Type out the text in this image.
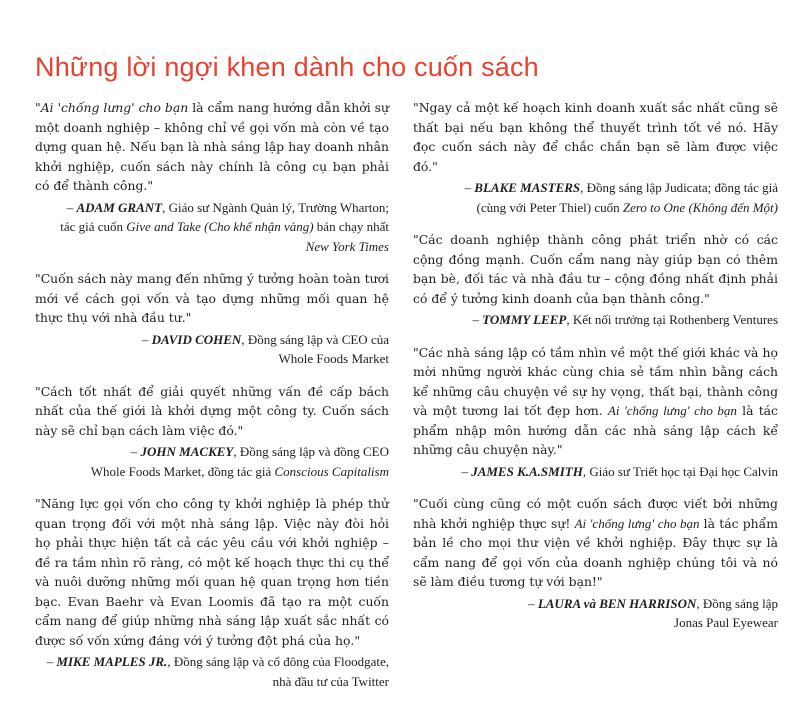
Những lời ngợi khen dành cho cuốn sách

"Ai 'chống lưng' cho bạn là cẩm nang hướng dẫn khởi sự một doanh nghiệp – không chỉ về gọi vốn mà còn về tạo dựng quan hệ. Nếu bạn là nhà sáng lập hay doanh nhân khởi nghiệp, cuốn sách này chính là công cụ bạn phải có để thành công."

– ADAM GRANT, Giáo sư Ngành Quản lý, Trường Wharton;
tác giả cuốn Give and Take (Cho khế nhận vàng) bán chạy nhất
New York Times

"Cuốn sách này mang đến những ý tưởng hoàn toàn tươi mới về cách gọi vốn và tạo dựng những mối quan hệ thực thụ với nhà đầu tư."

– DAVID COHEN, Đồng sáng lập và CEO của
Whole Foods Market

"Cách tốt nhất để giải quyết những vấn đề cấp bách nhất của thế giới là khởi dựng một công ty. Cuốn sách này sẽ chỉ bạn cách làm việc đó."

– JOHN MACKEY, Đồng sáng lập và đồng CEO
Whole Foods Market, đồng tác giả Conscious Capitalism

"Năng lực gọi vốn cho công ty khởi nghiệp là phép thử quan trọng đối với một nhà sáng lập. Việc này đòi hỏi họ phải thực hiện tất cả các yêu cầu với khởi nghiệp – đề ra tầm nhìn rõ ràng, có một kế hoạch thực thi cụ thể và nuôi dưỡng những mối quan hệ quan trọng hơn tiền bạc. Evan Baehr và Evan Loomis đã tạo ra một cuốn cẩm nang để giúp những nhà sáng lập xuất sắc nhất có được số vốn xứng đáng với ý tưởng đột phá của họ."

– MIKE MAPLES JR., Đồng sáng lập và cổ đông của Floodgate,
nhà đầu tư của Twitter

"Ngay cả một kế hoạch kinh doanh xuất sắc nhất cũng sẽ thất bại nếu bạn không thể thuyết trình tốt về nó. Hãy đọc cuốn sách này để chắc chắn bạn sẽ làm được việc đó."

– BLAKE MASTERS, Đồng sáng lập Judicata; đồng tác giả
(cùng với Peter Thiel) cuốn Zero to One (Không đến Một)

"Các doanh nghiệp thành công phát triển nhờ có các cộng đồng mạnh. Cuốn cẩm nang này giúp bạn có thêm bạn bè, đối tác và nhà đầu tư – cộng đồng nhất định phải có để ý tưởng kinh doanh của bạn thành công."

– TOMMY LEEP, Kết nối trưởng tại Rothenberg Ventures

"Các nhà sáng lập có tầm nhìn về một thế giới khác và họ mời những người khác cùng chia sẻ tầm nhìn bằng cách kể những câu chuyện về sự hy vọng, thất bại, thành công và một tương lai tốt đẹp hơn. Ai 'chống lưng' cho bạn là tác phẩm nhập môn hướng dẫn các nhà sáng lập cách kể những câu chuyện này."

– JAMES K.A.SMITH, Giáo sư Triết học tại Đại học Calvin

"Cuối cùng cũng có một cuốn sách được viết bởi những nhà khởi nghiệp thực sự! Ai 'chống lưng' cho bạn là tác phẩm bản lề cho mọi thư viện về khởi nghiệp. Đây thực sự là cẩm nang để gọi vốn của doanh nghiệp chúng tôi và nó sẽ làm điều tương tự với bạn!"

– LAURA và BEN HARRISON, Đồng sáng lập
Jonas Paul Eyewear
